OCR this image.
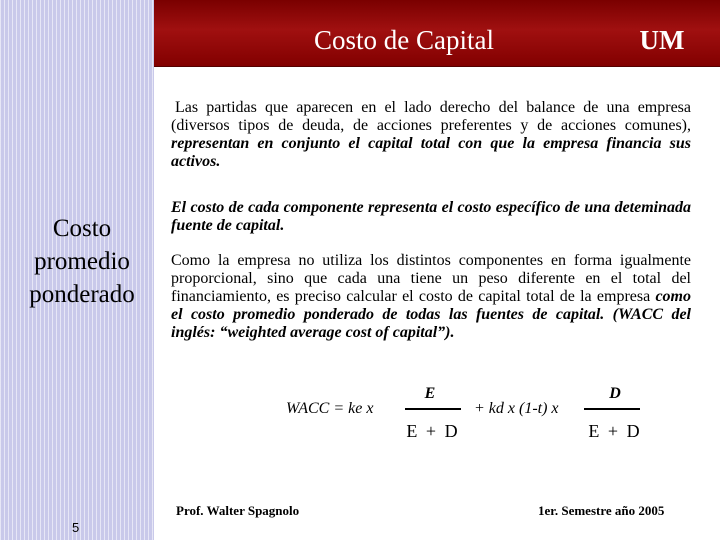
Costo de Capital	UM
Costo
promedio
ponderado
Las partidas que aparecen en el lado derecho del balance de una empresa (diversos tipos de deuda, de acciones preferentes y de acciones comunes), representan en conjunto el capital total con que la empresa financia sus activos.
El costo de cada componente representa el costo específico de una deteminada fuente de capital.
Como la empresa no utiliza los distintos componentes en forma igualmente proporcional, sino que cada una tiene un peso diferente en el total del financiamiento, es preciso calcular el costo de capital total de la empresa como el costo promedio ponderado de todas las fuentes de capital. (WACC del inglés: “weighted average cost of capital”).
WACC = ke x
E
E + D
+ kd x (1-t) x
D
E + D
Prof. Walter Spagnolo	1er. Semestre año 2005
5
